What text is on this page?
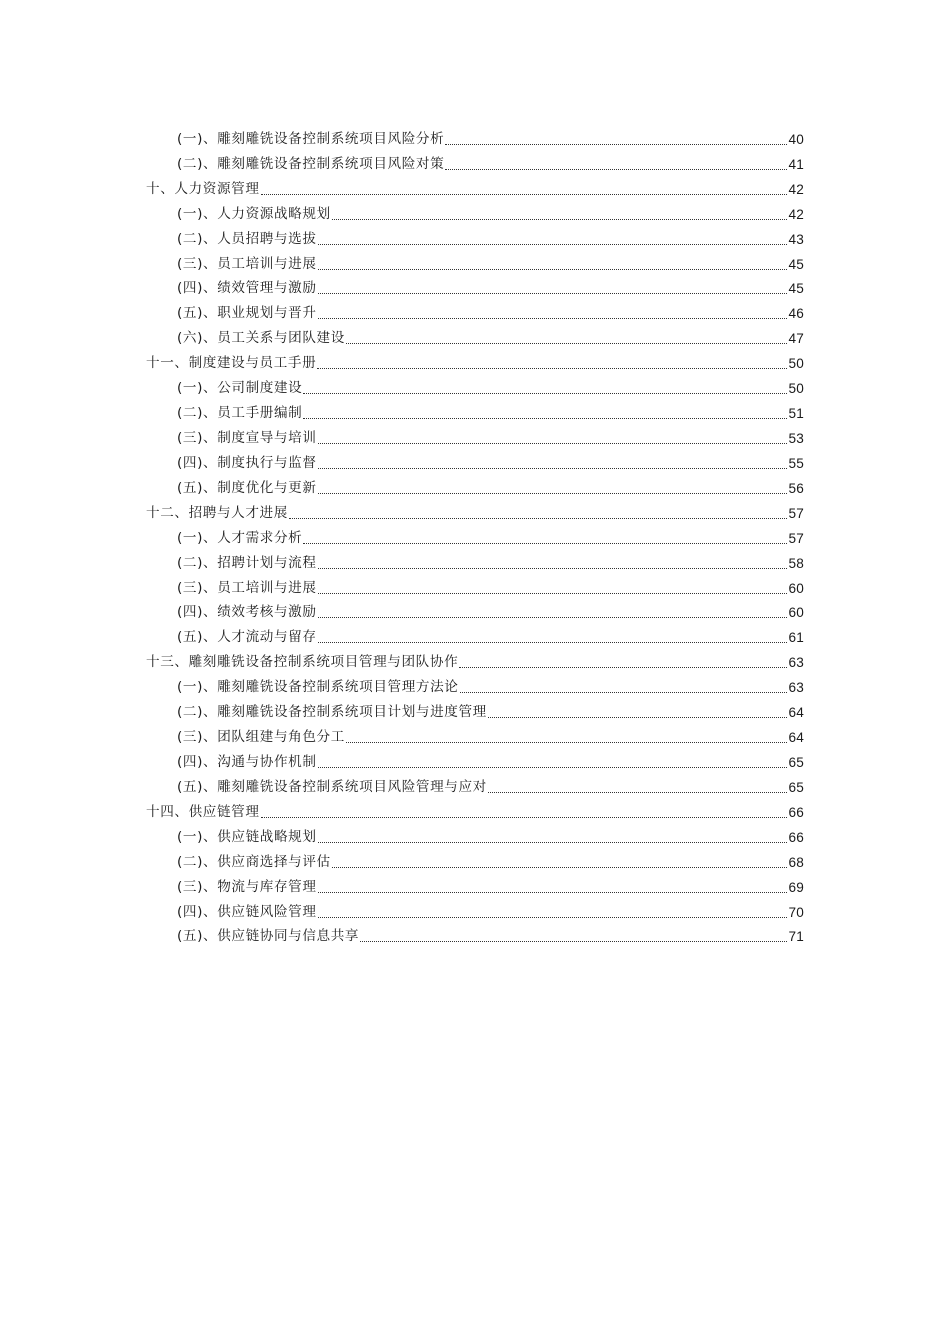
(一)、雕刻雕铣设备控制系统项目风险分析	40
(二)、雕刻雕铣设备控制系统项目风险对策	41
十、人力资源管理	42
(一)、人力资源战略规划	42
(二)、人员招聘与选拔	43
(三)、员工培训与进展	45
(四)、绩效管理与激励	45
(五)、职业规划与晋升	46
(六)、员工关系与团队建设	47
十一、制度建设与员工手册	50
(一)、公司制度建设	50
(二)、员工手册编制	51
(三)、制度宣导与培训	53
(四)、制度执行与监督	55
(五)、制度优化与更新	56
十二、招聘与人才进展	57
(一)、人才需求分析	57
(二)、招聘计划与流程	58
(三)、员工培训与进展	60
(四)、绩效考核与激励	60
(五)、人才流动与留存	61
十三、雕刻雕铣设备控制系统项目管理与团队协作	63
(一)、雕刻雕铣设备控制系统项目管理方法论	63
(二)、雕刻雕铣设备控制系统项目计划与进度管理	64
(三)、团队组建与角色分工	64
(四)、沟通与协作机制	65
(五)、雕刻雕铣设备控制系统项目风险管理与应对	65
十四、供应链管理	66
(一)、供应链战略规划	66
(二)、供应商选择与评估	68
(三)、物流与库存管理	69
(四)、供应链风险管理	70
(五)、供应链协同与信息共享	71
